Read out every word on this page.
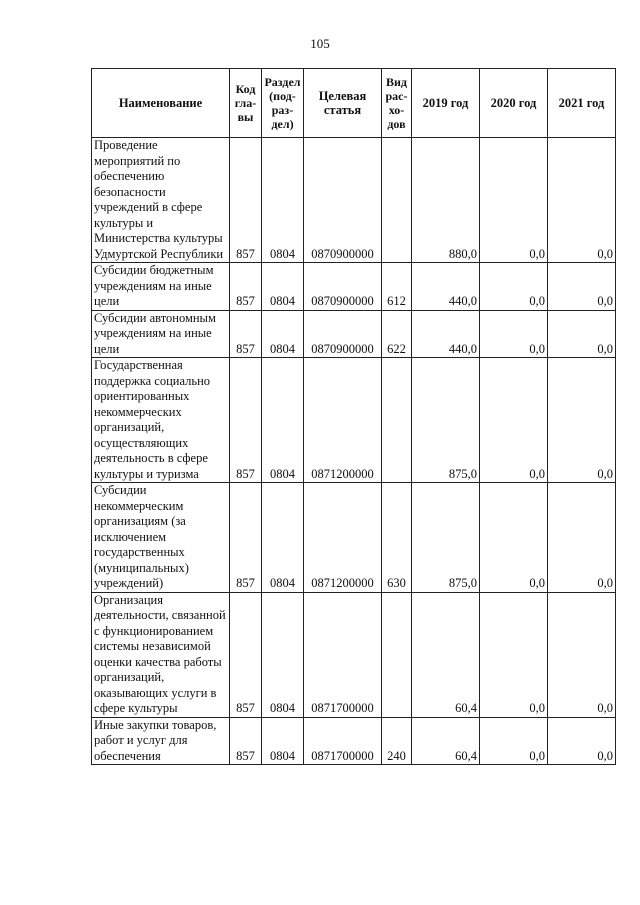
105
Наименование	Код гла- вы	Раздел (под- раз- дел)	Целевая статья	Вид рас- хо- дов	2019 год	2020 год	2021 год
Проведение мероприятий по обеспечению безопасности учреждений в сфере культуры и Министерства культуры Удмуртской Республики	857	0804	0870900000		880,0	0,0	0,0
Субсидии бюджетным учреждениям на иные цели	857	0804	0870900000	612	440,0	0,0	0,0
Субсидии автономным учреждениям на иные цели	857	0804	0870900000	622	440,0	0,0	0,0
Государственная поддержка социально ориентированных некоммерческих организаций, осуществляющих деятельность в сфере культуры и туризма	857	0804	0871200000		875,0	0,0	0,0
Субсидии некоммерческим организациям (за исключением государственных (муниципальных) учреждений)	857	0804	0871200000	630	875,0	0,0	0,0
Организация деятельности, связанной с функционированием системы независимой оценки качества работы организаций, оказывающих услуги в сфере культуры	857	0804	0871700000		60,4	0,0	0,0
Иные закупки товаров, работ и услуг для обеспечения	857	0804	0871700000	240	60,4	0,0	0,0
